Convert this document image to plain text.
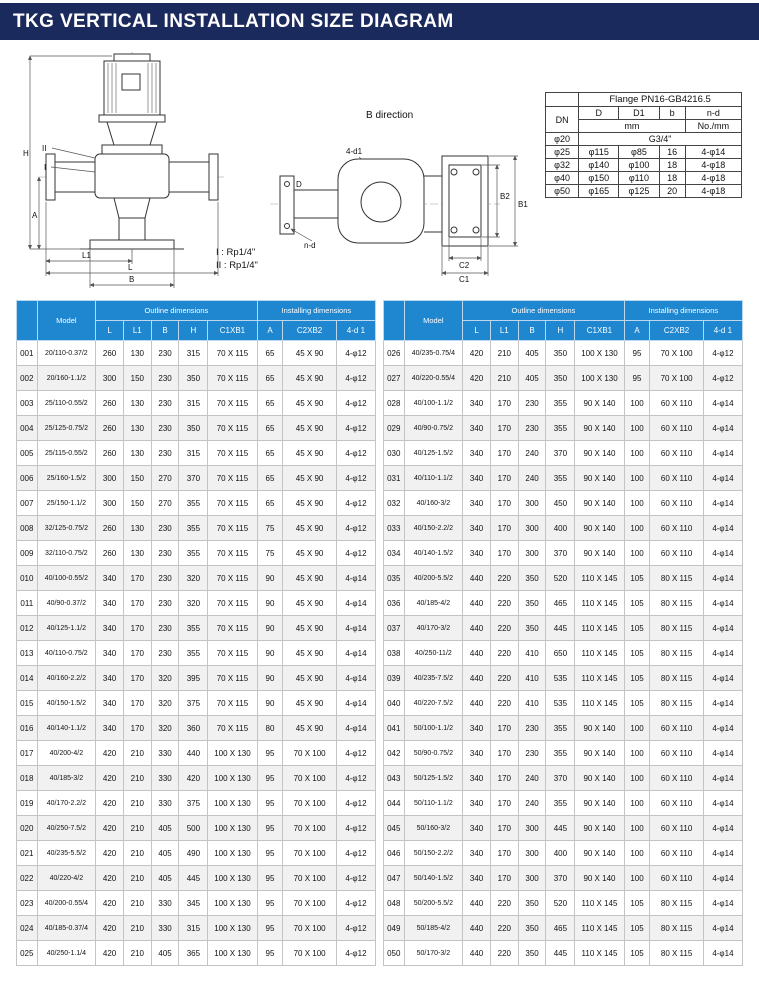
TKG VERTICAL INSTALLATION SIZE DIAGRAM
II
I
H
A
L1
L
B
B direction
4-d1
D
n-d
B2
B1
C2
C1
I : Rp1/4"
II : Rp1/4"
	Flange PN16-GB4216.5			
DN	D	D1	b	n-d
	mm			No./mm
φ20	G3/4"			
φ25	φ115	φ85	16	4-φ14
φ32	φ140	φ100	18	4-φ18
φ40	φ150	φ110	18	4-φ18
φ50	φ165	φ125	20	4-φ18
	Model	Outline dimensions					Installing dimensions		
		L	L1	B	H	C1XB1	A	C2XB2	4-d 1
001	20/110-0.37/2	260	130	230	315	70 X 115	65	45 X 90	4-φ12
002	20/160-1.1/2	300	150	230	350	70 X 115	65	45 X 90	4-φ12
003	25/110-0.55/2	260	130	230	315	70 X 115	65	45 X 90	4-φ12
004	25/125-0.75/2	260	130	230	350	70 X 115	65	45 X 90	4-φ12
005	25/115-0.55/2	260	130	230	315	70 X 115	65	45 X 90	4-φ12
006	25/160-1.5/2	300	150	270	370	70 X 115	65	45 X 90	4-φ12
007	25/150-1.1/2	300	150	270	355	70 X 115	65	45 X 90	4-φ12
008	32/125-0.75/2	260	130	230	355	70 X 115	75	45 X 90	4-φ12
009	32/110-0.75/2	260	130	230	355	70 X 115	75	45 X 90	4-φ12
010	40/100-0.55/2	340	170	230	320	70 X 115	90	45 X 90	4-φ14
011	40/90-0.37/2	340	170	230	320	70 X 115	90	45 X 90	4-φ14
012	40/125-1.1/2	340	170	230	355	70 X 115	90	45 X 90	4-φ14
013	40/110-0.75/2	340	170	230	355	70 X 115	90	45 X 90	4-φ14
014	40/160-2.2/2	340	170	320	395	70 X 115	90	45 X 90	4-φ14
015	40/150-1.5/2	340	170	320	375	70 X 115	90	45 X 90	4-φ14
016	40/140-1.1/2	340	170	320	360	70 X 115	80	45 X 90	4-φ14
017	40/200-4/2	420	210	330	440	100 X 130	95	70 X 100	4-φ12
018	40/185-3/2	420	210	330	420	100 X 130	95	70 X 100	4-φ12
019	40/170-2.2/2	420	210	330	375	100 X 130	95	70 X 100	4-φ12
020	40/250-7.5/2	420	210	405	500	100 X 130	95	70 X 100	4-φ12
021	40/235-5.5/2	420	210	405	490	100 X 130	95	70 X 100	4-φ12
022	40/220-4/2	420	210	405	445	100 X 130	95	70 X 100	4-φ12
023	40/200-0.55/4	420	210	330	345	100 X 130	95	70 X 100	4-φ12
024	40/185-0.37/4	420	210	330	315	100 X 130	95	70 X 100	4-φ12
025	40/250-1.1/4	420	210	405	365	100 X 130	95	70 X 100	4-φ12
	Model	Outline dimensions					Installing dimensions		
		L	L1	B	H	C1XB1	A	C2XB2	4-d 1
026	40/235-0.75/4	420	210	405	350	100 X 130	95	70 X 100	4-φ12
027	40/220-0.55/4	420	210	405	350	100 X 130	95	70 X 100	4-φ12
028	40/100-1.1/2	340	170	230	355	90 X 140	100	60 X 110	4-φ14
029	40/90-0.75/2	340	170	230	355	90 X 140	100	60 X 110	4-φ14
030	40/125-1.5/2	340	170	240	370	90 X 140	100	60 X 110	4-φ14
031	40/110-1.1/2	340	170	240	355	90 X 140	100	60 X 110	4-φ14
032	40/160-3/2	340	170	300	450	90 X 140	100	60 X 110	4-φ14
033	40/150-2.2/2	340	170	300	400	90 X 140	100	60 X 110	4-φ14
034	40/140-1.5/2	340	170	300	370	90 X 140	100	60 X 110	4-φ14
035	40/200-5.5/2	440	220	350	520	110 X 145	105	80 X 115	4-φ14
036	40/185-4/2	440	220	350	465	110 X 145	105	80 X 115	4-φ14
037	40/170-3/2	440	220	350	445	110 X 145	105	80 X 115	4-φ14
038	40/250-11/2	440	220	410	650	110 X 145	105	80 X 115	4-φ14
039	40/235-7.5/2	440	220	410	535	110 X 145	105	80 X 115	4-φ14
040	40/220-7.5/2	440	220	410	535	110 X 145	105	80 X 115	4-φ14
041	50/100-1.1/2	340	170	230	355	90 X 140	100	60 X 110	4-φ14
042	50/90-0.75/2	340	170	230	355	90 X 140	100	60 X 110	4-φ14
043	50/125-1.5/2	340	170	240	370	90 X 140	100	60 X 110	4-φ14
044	50/110-1.1/2	340	170	240	355	90 X 140	100	60 X 110	4-φ14
045	50/160-3/2	340	170	300	445	90 X 140	100	60 X 110	4-φ14
046	50/150-2.2/2	340	170	300	400	90 X 140	100	60 X 110	4-φ14
047	50/140-1.5/2	340	170	300	370	90 X 140	100	60 X 110	4-φ14
048	50/200-5.5/2	440	220	350	520	110 X 145	105	80 X 115	4-φ14
049	50/185-4/2	440	220	350	465	110 X 145	105	80 X 115	4-φ14
050	50/170-3/2	440	220	350	445	110 X 145	105	80 X 115	4-φ14
